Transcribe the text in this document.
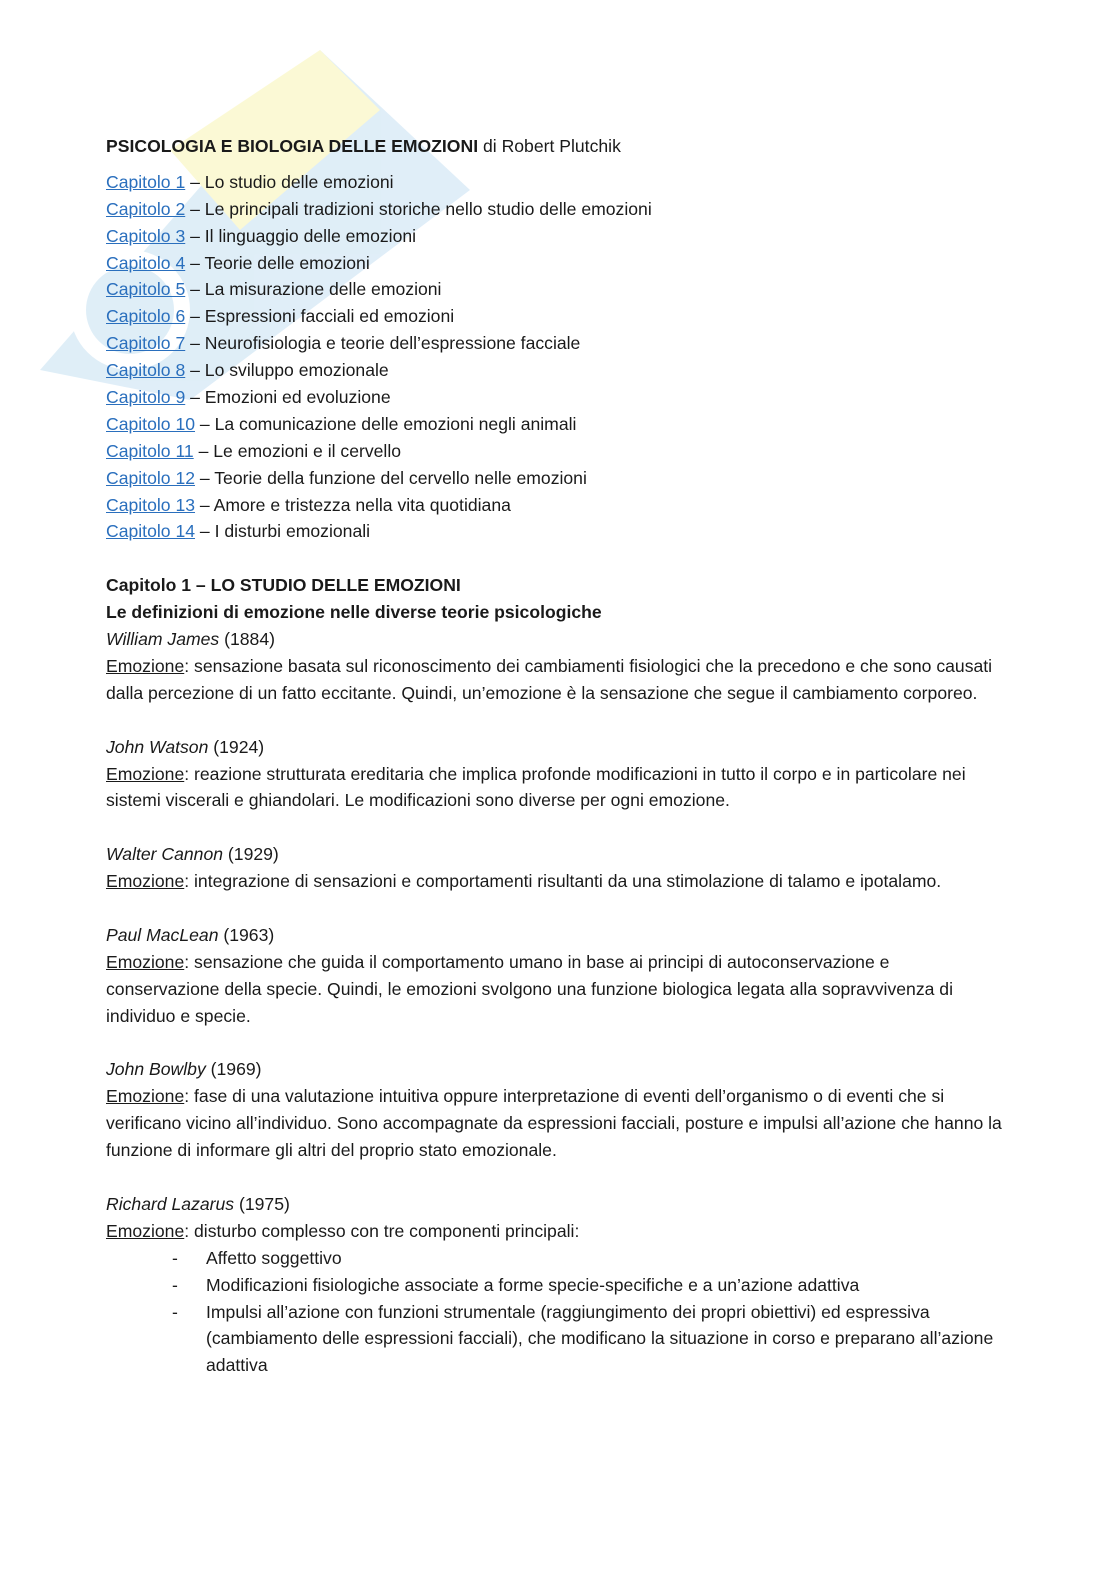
PSICOLOGIA E BIOLOGIA DELLE EMOZIONI di Robert Plutchik
Capitolo 1 – Lo studio delle emozioni
Capitolo 2 – Le principali tradizioni storiche nello studio delle emozioni
Capitolo 3 – Il linguaggio delle emozioni
Capitolo 4 – Teorie delle emozioni
Capitolo 5 – La misurazione delle emozioni
Capitolo 6 – Espressioni facciali ed emozioni
Capitolo 7 – Neurofisiologia e teorie dell’espressione facciale
Capitolo 8 – Lo sviluppo emozionale
Capitolo 9 – Emozioni ed evoluzione
Capitolo 10 – La comunicazione delle emozioni negli animali
Capitolo 11 – Le emozioni e il cervello
Capitolo 12 – Teorie della funzione del cervello nelle emozioni
Capitolo 13 – Amore e tristezza nella vita quotidiana
Capitolo 14 – I disturbi emozionali
Capitolo 1 – LO STUDIO DELLE EMOZIONI
Le definizioni di emozione nelle diverse teorie psicologiche
William James (1884)
Emozione: sensazione basata sul riconoscimento dei cambiamenti fisiologici che la precedono e che sono causati dalla percezione di un fatto eccitante. Quindi, un’emozione è la sensazione che segue il cambiamento corporeo.
John Watson (1924)
Emozione: reazione strutturata ereditaria che implica profonde modificazioni in tutto il corpo e in particolare nei sistemi viscerali e ghiandolari. Le modificazioni sono diverse per ogni emozione.
Walter Cannon (1929)
Emozione: integrazione di sensazioni e comportamenti risultanti da una stimolazione di talamo e ipotalamo.
Paul MacLean (1963)
Emozione: sensazione che guida il comportamento umano in base ai principi di autoconservazione e conservazione della specie. Quindi, le emozioni svolgono una funzione biologica legata alla sopravvivenza di individuo e specie.
John Bowlby (1969)
Emozione: fase di una valutazione intuitiva oppure interpretazione di eventi dell’organismo o di eventi che si verificano vicino all’individuo. Sono accompagnate da espressioni facciali, posture e impulsi all’azione che hanno la funzione di informare gli altri del proprio stato emozionale.
Richard Lazarus (1975)
Emozione: disturbo complesso con tre componenti principali:
- Affetto soggettivo
- Modificazioni fisiologiche associate a forme specie-specifiche e a un’azione adattiva
- Impulsi all’azione con funzioni strumentale (raggiungimento dei propri obiettivi) ed espressiva (cambiamento delle espressioni facciali), che modificano la situazione in corso e preparano all’azione adattiva
